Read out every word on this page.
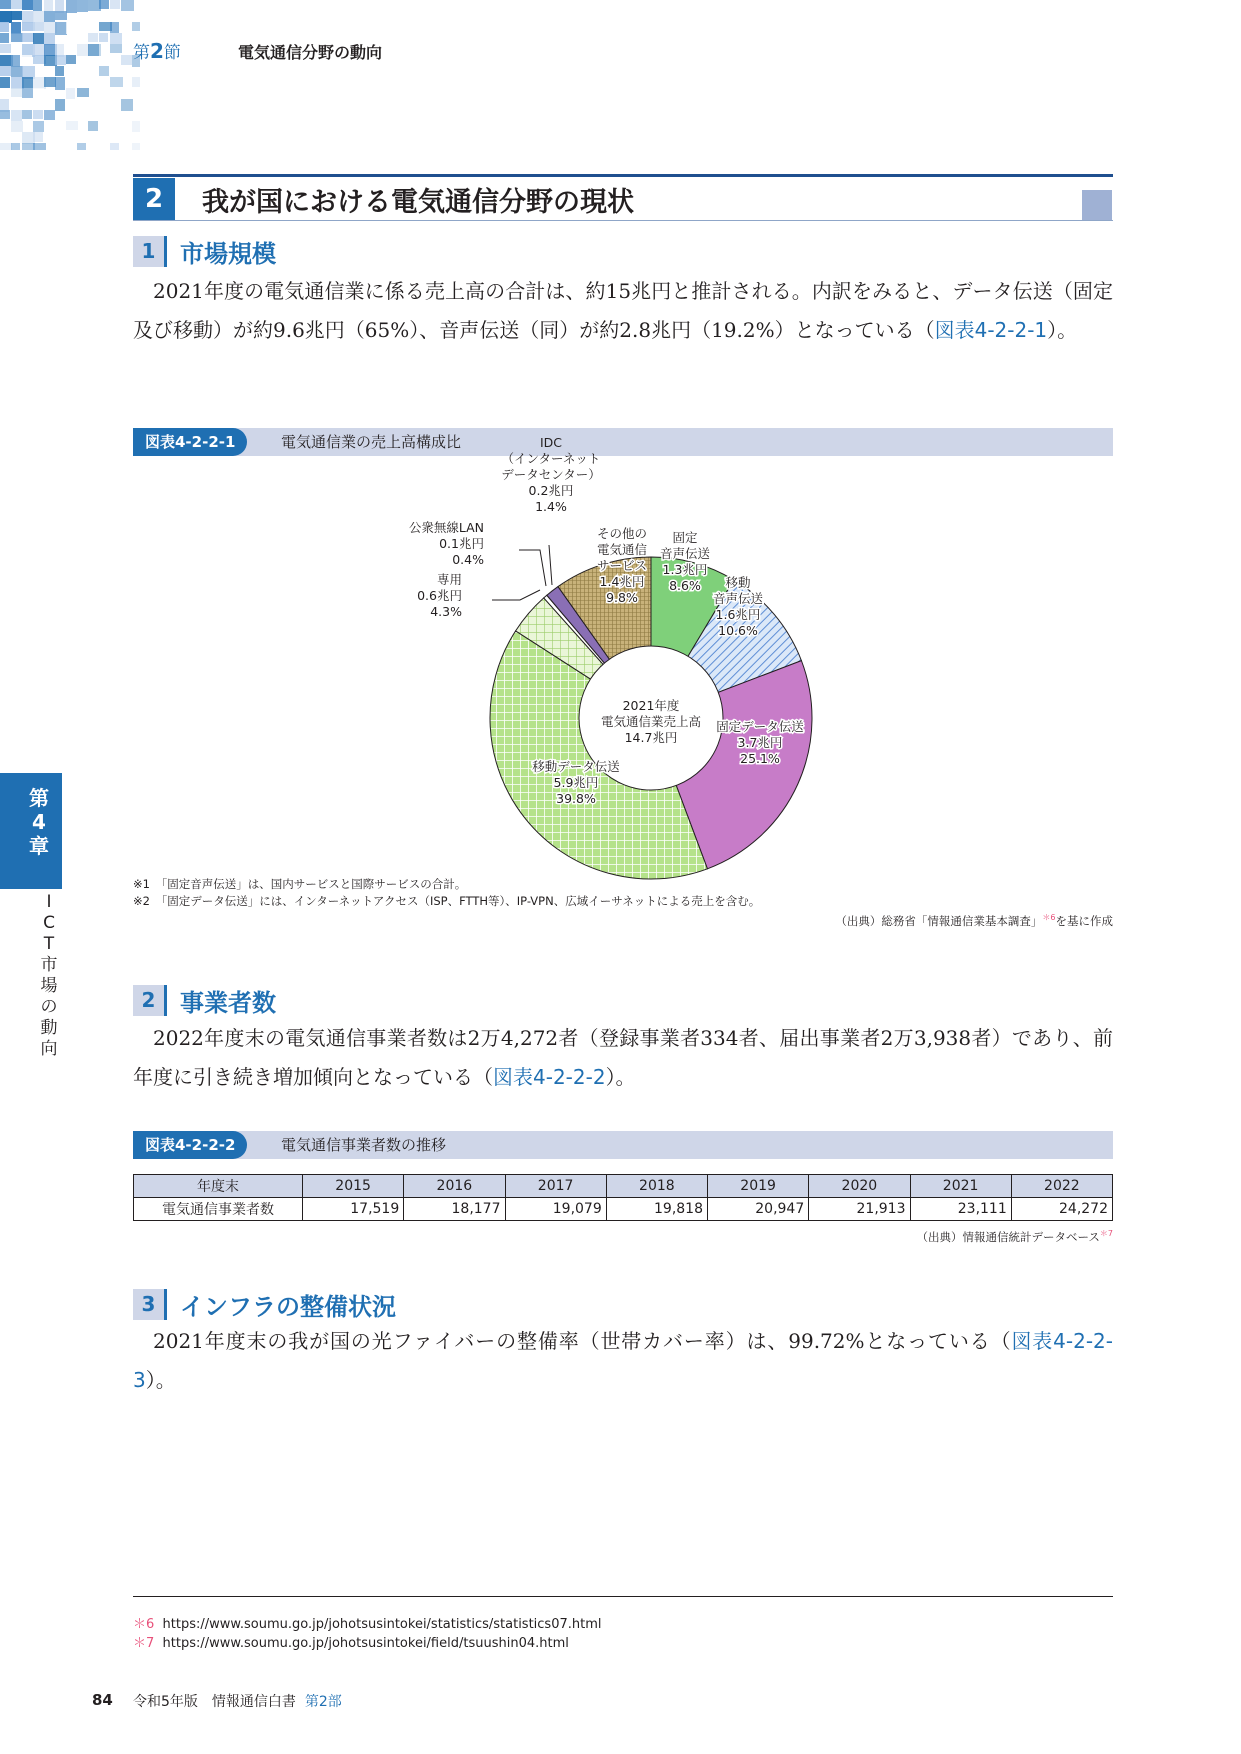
第2節	電気通信分野の動向
2	我が国における電気通信分野の現状
1	市場規模
2021年度の電気通信業に係る売上高の合計は、約15兆円と推計される。内訳をみると、データ伝送（固定及び移動）が約9.6兆円（65%）、音声伝送（同）が約2.8兆円（19.2%）となっている（図表4-2-2-1）。
図表4-2-2-1	電気通信業の売上高構成比
2021年度
電気通信業売上高
14.7兆円
固定
音声伝送
1.3兆円
8.6% 移動
音声伝送
1.6兆円
10.6%
固定データ伝送
3.7兆円
25.1%
移動データ伝送
5.9兆円
39.8%
専用
0.6兆円
4.3%
公衆無線LAN
0.1兆円
0.4%
IDC
（インターネット
データセンター）
0.2兆円
1.4%
その他の
電気通信
サービス
1.4兆円
9.8%
※1　「固定音声伝送」は、国内サービスと国際サービスの合計。
※2　「固定データ伝送」には、インターネットアクセス（ISP、FTTH等）、IP-VPN、広域イーサネットによる売上を含む。
（出典）総務省「情報通信業基本調査」$^{*6}$を基に作成
2	事業者数
2022年度末の電気通信事業者数は2万4,272者（登録事業者334者、届出事業者2万3,938者）であり、前年度に引き続き増加傾向となっている（図表4-2-2-2）。
図表4-2-2-2	電気通信事業者数の推移
年度末	2015	2016	2017	2018	2019	2020	2021	2022
電気通信事業者数	17,519	18,177	19,079	19,818	20,947	21,913	23,111	24,272
（出典）情報通信統計データベース$^{*7}$
3	インフラの整備状況
2021年度末の我が国の光ファイバーの整備率（世帯カバー率）は、99.72%となっている（図表4-2-2-3）。
第
4
章
I
C
T
市
場
の
動
向
＊6 https://www.soumu.go.jp/johotsusintokei/statistics/statistics07.html
＊7 https://www.soumu.go.jp/johotsusintokei/field/tsuushin04.html
84 令和5年版　情報通信白書 第2部
